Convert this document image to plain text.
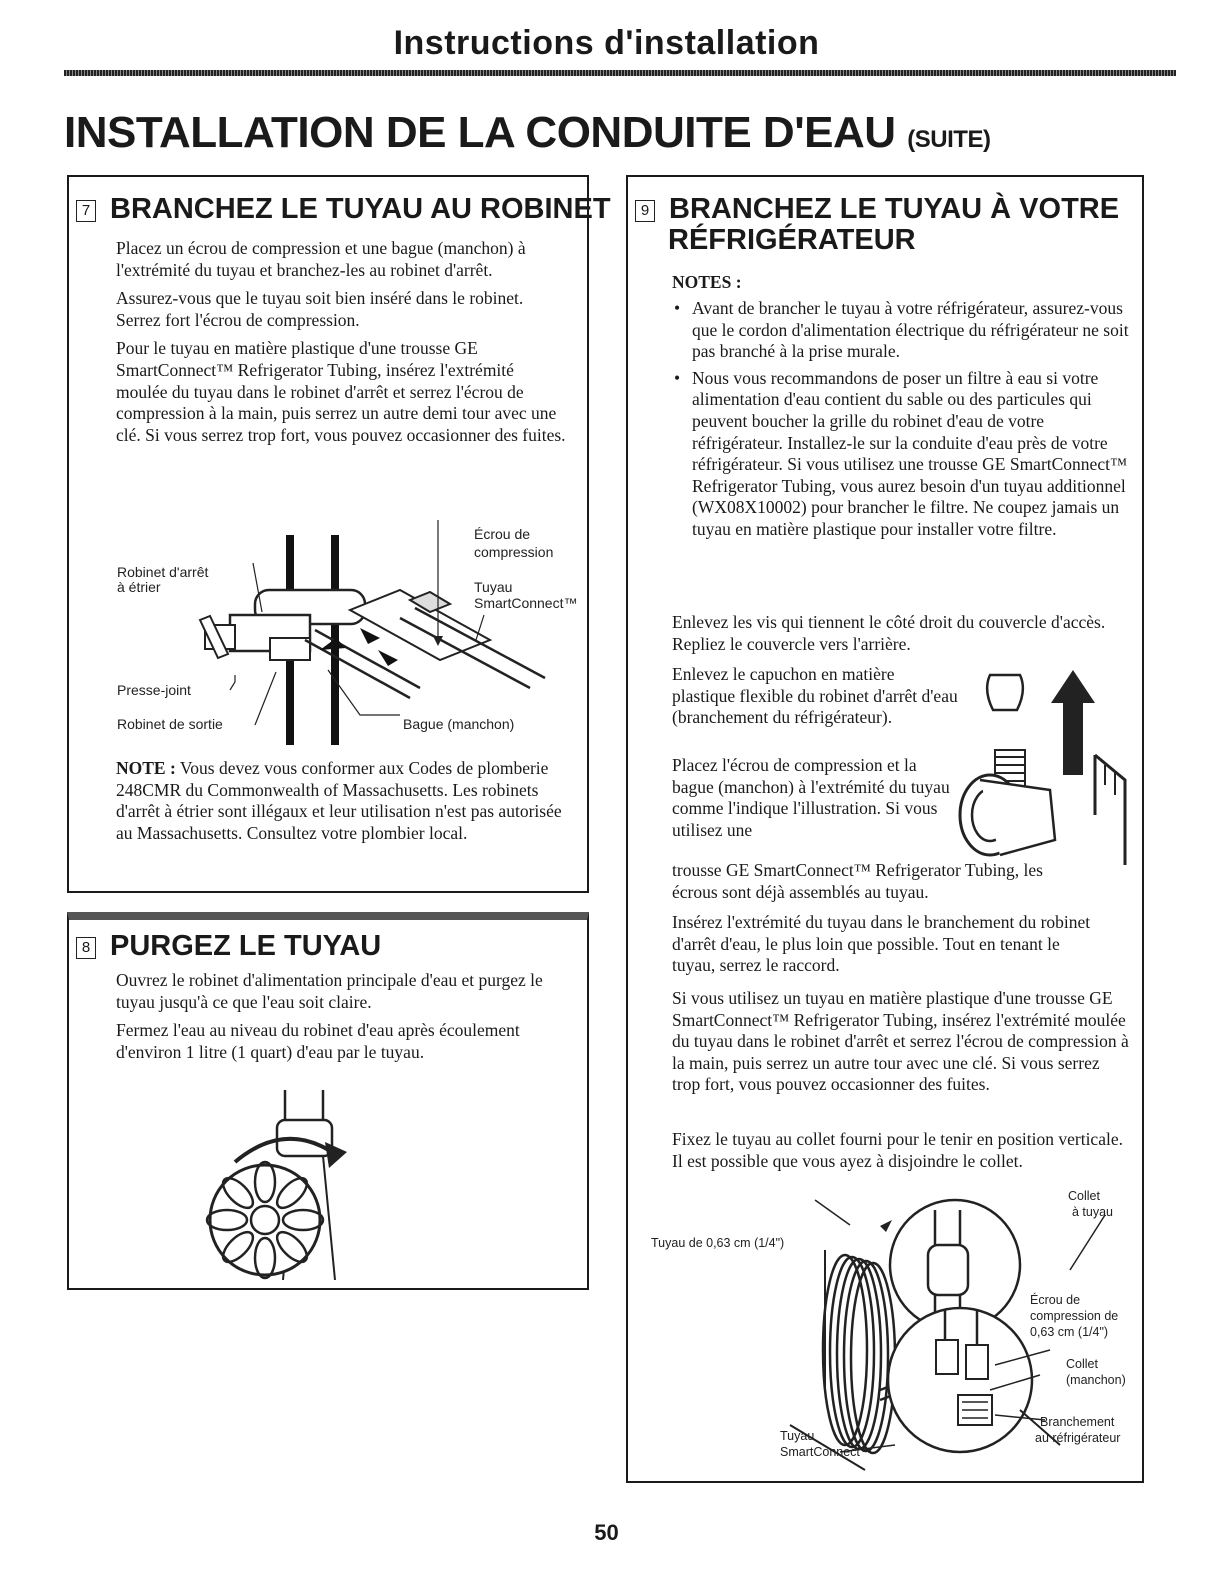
Instructions d'installation
INSTALLATION DE LA CONDUITE D'EAU (SUITE)
7 BRANCHEZ LE TUYAU AU ROBINET

Placez un écrou de compression et une bague (manchon) à l'extrémité du tuyau et branchez-les au robinet d'arrêt.

Assurez-vous que le tuyau soit bien inséré dans le robinet. Serrez fort l'écrou de compression.

Pour le tuyau en matière plastique d'une trousse GE SmartConnect™ Refrigerator Tubing, insérez l'extrémité moulée du tuyau dans le robinet d'arrêt et serrez l'écrou de compression à la main, puis serrez un autre demi tour avec une clé. Si vous serrez trop fort, vous pouvez occasionner des fuites.

Robinet d'arrêt
à étrier
Presse-joint
Robinet de sortie
Écrou de
compression
Tuyau
SmartConnect™
Bague (manchon)
NOTE : Vous devez vous conformer aux Codes de plomberie 248CMR du Commonwealth of Massachusetts. Les robinets d'arrêt à étrier sont illégaux et leur utilisation n'est pas autorisée au Massachusetts. Consultez votre plombier local.
8 PURGEZ LE TUYAU

Ouvrez le robinet d'alimentation principale d'eau et purgez le tuyau jusqu'à ce que l'eau soit claire.

Fermez l'eau au niveau du robinet d'eau après écoulement d'environ 1 litre (1 quart) d'eau par le tuyau.

9 BRANCHEZ LE TUYAU À VOTRE
RÉFRIGÉRATEUR
NOTES :
• Avant de brancher le tuyau à votre réfrigérateur, assurez-vous que le cordon d'alimentation électrique du réfrigérateur ne soit pas branché à la prise murale.
• Nous vous recommandons de poser un filtre à eau si votre alimentation d'eau contient du sable ou des particules qui peuvent boucher la grille du robinet d'eau de votre réfrigérateur. Installez-le sur la conduite d'eau près de votre réfrigérateur. Si vous utilisez une trousse GE SmartConnect™ Refrigerator Tubing, vous aurez besoin d'un tuyau additionnel (WX08X10002) pour brancher le filtre. Ne coupez jamais un tuyau en matière plastique pour installer votre filtre.
Enlevez les vis qui tiennent le côté droit du couvercle d'accès. Repliez le couvercle vers l'arrière.
Enlevez le capuchon en matière plastique flexible du robinet d'arrêt d'eau (branchement du réfrigérateur).
Placez l'écrou de compression et la bague (manchon) à l'extrémité du tuyau comme l'indique l'illustration. Si vous utilisez une
trousse GE SmartConnect™ Refrigerator Tubing, les écrous sont déjà assemblés au tuyau.
Insérez l'extrémité du tuyau dans le branchement du robinet d'arrêt d'eau, le plus loin que possible. Tout en tenant le tuyau, serrez le raccord.
Si vous utilisez un tuyau en matière plastique d'une trousse GE SmartConnect™ Refrigerator Tubing, insérez l'extrémité moulée du tuyau dans le robinet d'arrêt et serrez l'écrou de compression à la main, puis serrez un autre tour avec une clé. Si vous serrez trop fort, vous pouvez occasionner des fuites.
Fixez le tuyau au collet fourni pour le tenir en position verticale. Il est possible que vous ayez à disjoindre le collet.
Collet
à tuyau
Tuyau de 0,63 cm (1/4")
Écrou de
compression de
0,63 cm (1/4")
Collet
(manchon)
Branchement
au réfrigérateur
Tuyau
SmartConnect™
50
